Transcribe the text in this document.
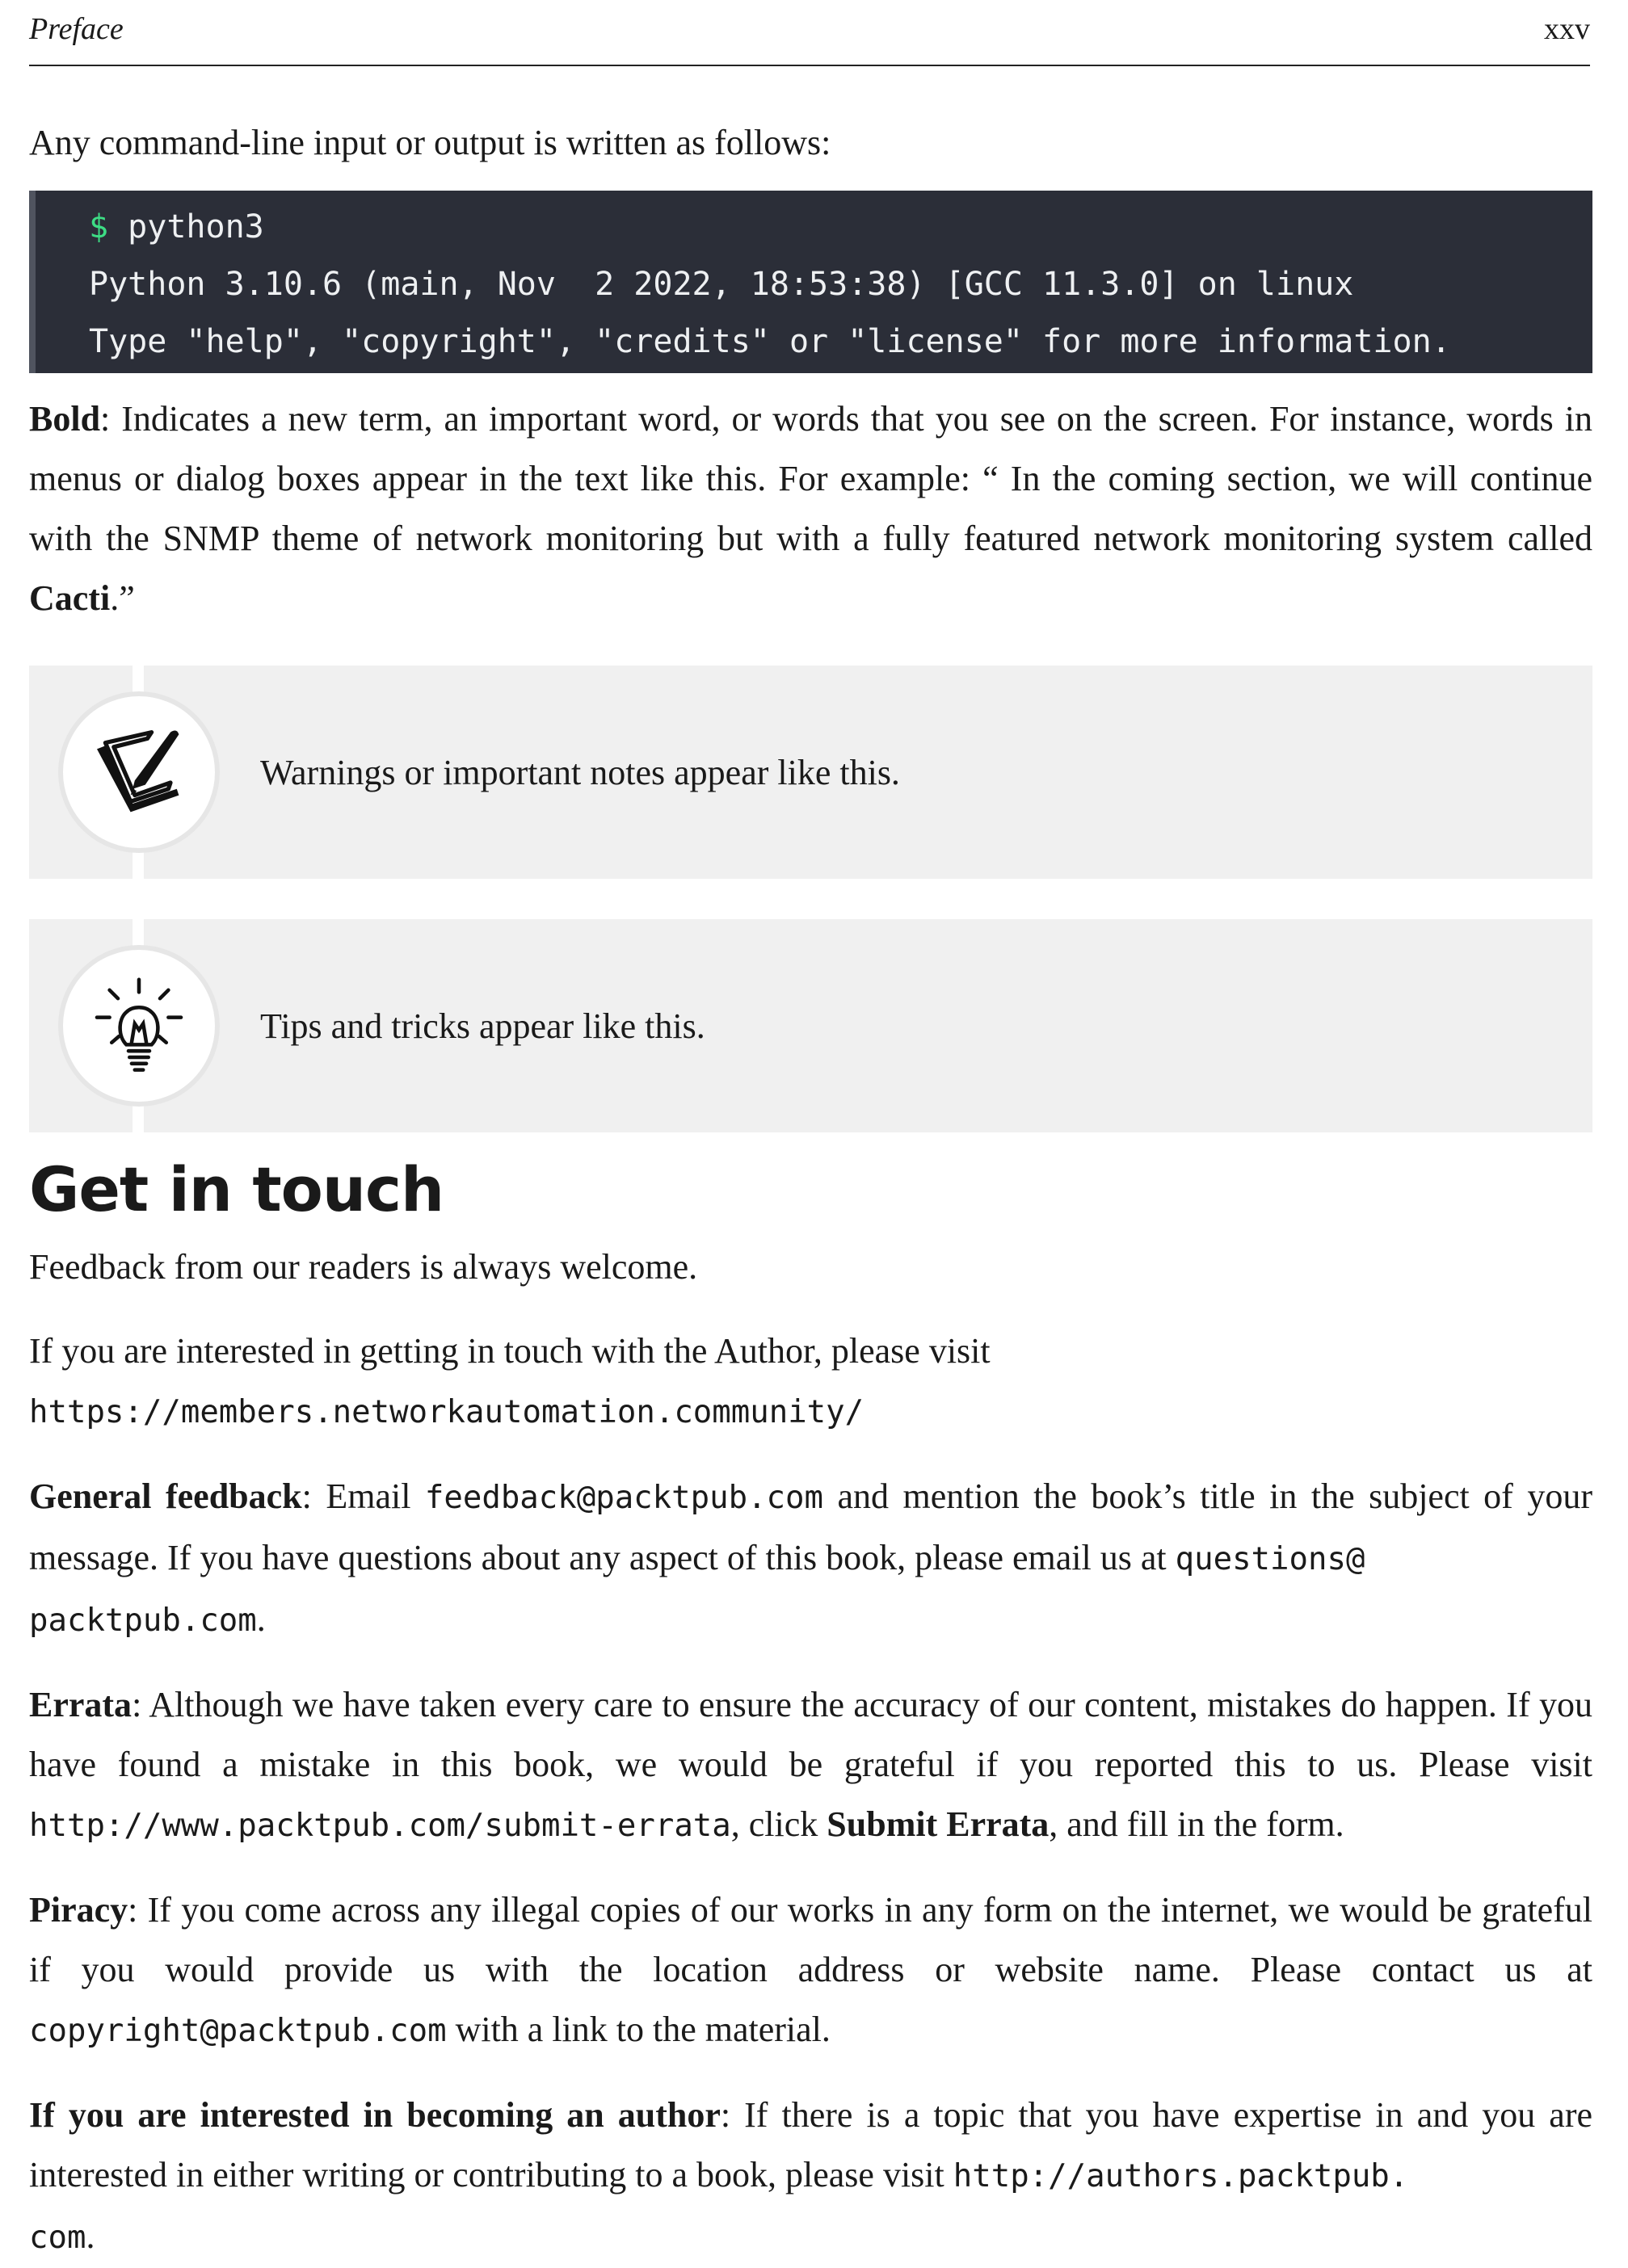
Preface	xxv

Any command-line input or output is written as follows:

$ python3
Python 3.10.6 (main, Nov  2 2022, 18:53:38) [GCC 11.3.0] on linux
Type "help", "copyright", "credits" or "license" for more information.

Bold: Indicates a new term, an important word, or words that you see on the screen. For instance, words in menus or dialog boxes appear in the text like this. For example: “ In the coming section, we will continue with the SNMP theme of network monitoring but with a fully featured network monitoring system called Cacti.”

Warnings or important notes appear like this.
Tips and tricks appear like this.
Get in touch

Feedback from our readers is always welcome.

If you are interested in getting in touch with the Author, please visit
https://members.networkautomation.community/

General feedback: Email feedback@packtpub.com and mention the book’s title in the subject of your message. If you have questions about any aspect of this book, please email us at questions@
packtpub.com.

Errata: Although we have taken every care to ensure the accuracy of our content, mistakes do happen. If you have found a mistake in this book, we would be grateful if you reported this to us. Please visit http://www.packtpub.com/submit-errata, click Submit Errata, and fill in the form.

Piracy: If you come across any illegal copies of our works in any form on the internet, we would be grateful if you would provide us with the location address or website name. Please contact us at copyright@packtpub.com with a link to the material.

If you are interested in becoming an author: If there is a topic that you have expertise in and you are interested in either writing or contributing to a book, please visit http://authors.packtpub.
com.
